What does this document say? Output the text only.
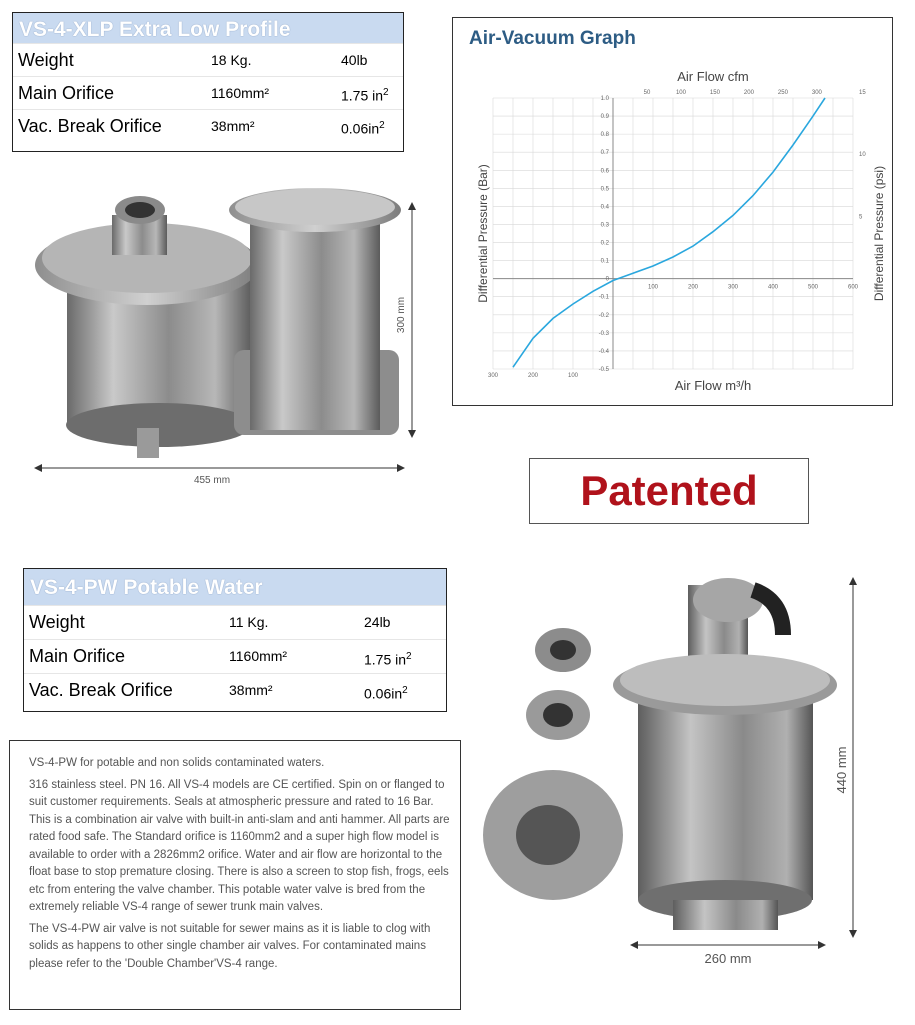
VS-4-XLP Extra Low Profile
Weight	18 Kg.	40lb
Main Orifice	1160mm²	1.75 $in^2$
Vac. Break Orifice	38mm²	$0.06in^2$
300 mm
455 mm
Air-Vacuum Graph
1.0
0.9
0.8
0.7
0.6
0.5
0.4
0.3
0.2
0.1
0
-0.1
-0.2
-0.3
-0.4
-0.5
100	200	300	400	500	600
300	200	100
50	100	150	200	250	300	15
10
5
Air Flow cfm
Air Flow m³/h
Differential Pressure (Bar)	Differential Pressure (psi)
Patented
VS-4-PW Potable Water
Weight	11 Kg.	24lb
Main Orifice	1160mm²	1.75 $in^2$
Vac. Break Orifice	38mm²	$0.06in^2$

VS-4-PW for potable and non solids contaminated waters.

316 stainless steel. PN 16. All VS-4 models are CE certified. Spin on or flanged to suit customer requirements. Seals at atmospheric pressure and rated to 16 Bar. This is a combination air valve with built-in anti-slam and anti hammer. All parts are rated food safe. The Standard orifice is 1160mm2 and a super high flow model is available to order with a 2826mm2 orifice. Water and air flow are horizontal to the float base to stop premature closing. There is also a screen to stop fish, frogs, eels etc from entering the valve chamber. This potable water valve is bred from the extremely reliable VS-4 range of sewer trunk main valves.

The VS-4-PW air valve is not suitable for sewer mains as it is liable to clog with solids as happens to other single chamber air valves. For contaminated mains please refer to the 'Double Chamber'VS-4 range.

440 mm
260 mm
